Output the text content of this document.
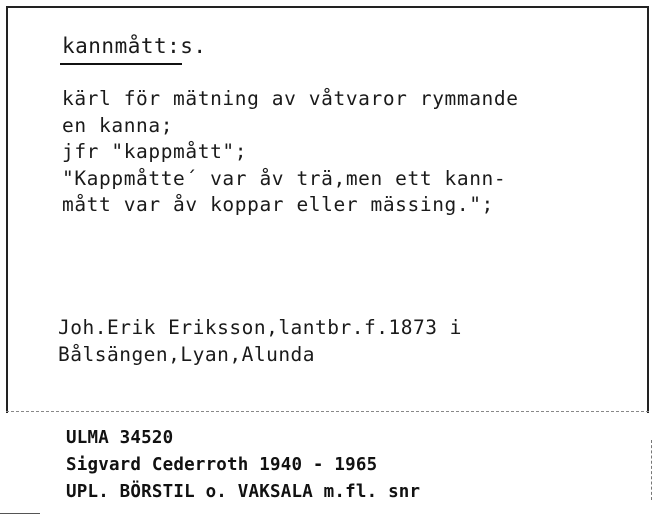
kannmått:s.
kärl för mätning av våtvaror rymmande
en kanna;
jfr "kappmått";
"Kappmåtte´ var åv trä,men ett kann-
mått var åv koppar eller mässing.";
Joh.Erik Eriksson,lantbr.f.1873 i
Bålsängen,Lyan,Alunda
ULMA 34520
Sigvard Cederroth 1940 - 1965
UPL. BÖRSTIL o. VAKSALA m.fl. snr
